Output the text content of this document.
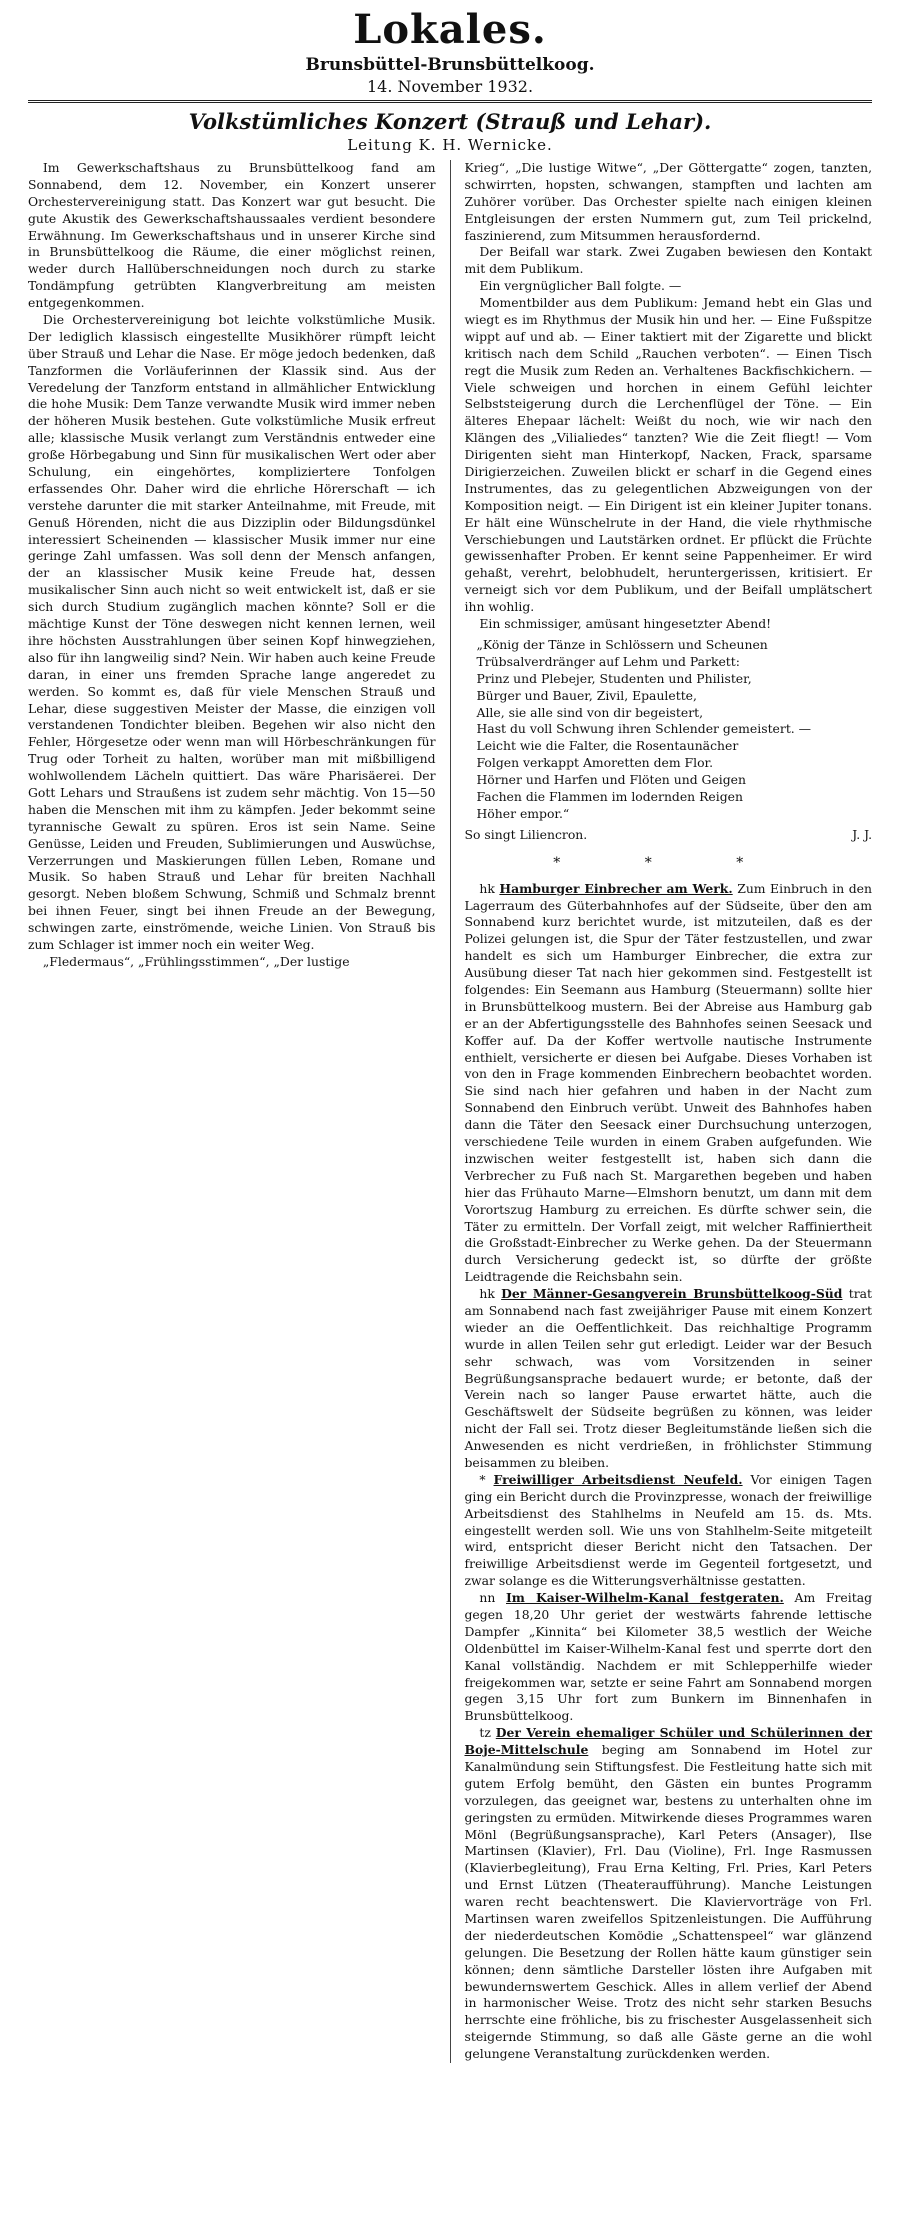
Lokales.
Brunsbüttel-Brunsbüttelkoog.
14. November 1932.
Volkstümliches Konzert (Strauß und Lehar).
Leitung K. H. Wernicke.

Im Gewerkschaftshaus zu Brunsbüttelkoog fand am Sonnabend, dem 12. November, ein Konzert unserer Orchestervereinigung statt. Das Konzert war gut besucht. Die gute Akustik des Gewerkschaftshaussaales verdient besondere Erwähnung. Im Gewerkschaftshaus und in unserer Kirche sind in Brunsbüttelkoog die Räume, die einer möglichst reinen, weder durch Hallüberschneidungen noch durch zu starke Tondämpfung getrübten Klangverbreitung am meisten entgegenkommen.

Die Orchestervereinigung bot leichte volkstümliche Musik. Der lediglich klassisch eingestellte Musikhörer rümpft leicht über Strauß und Lehar die Nase. Er möge jedoch bedenken, daß Tanzformen die Vorläuferinnen der Klassik sind. Aus der Veredelung der Tanzform entstand in allmählicher Entwicklung die hohe Musik: Dem Tanze verwandte Musik wird immer neben der höheren Musik bestehen. Gute volkstümliche Musik erfreut alle; klassische Musik verlangt zum Verständnis entweder eine große Hörbegabung und Sinn für musikalischen Wert oder aber Schulung, ein eingehörtes, kompliziertere Tonfolgen erfassendes Ohr. Daher wird die ehrliche Hörerschaft — ich verstehe darunter die mit starker Anteilnahme, mit Freude, mit Genuß Hörenden, nicht die aus Dizziplin oder Bildungsdünkel interessiert Scheinenden — klassischer Musik immer nur eine geringe Zahl umfassen. Was soll denn der Mensch anfangen, der an klassischer Musik keine Freude hat, dessen musikalischer Sinn auch nicht so weit entwickelt ist, daß er sie sich durch Studium zugänglich machen könnte? Soll er die mächtige Kunst der Töne deswegen nicht kennen lernen, weil ihre höchsten Ausstrahlungen über seinen Kopf hinwegziehen, also für ihn langweilig sind? Nein. Wir haben auch keine Freude daran, in einer uns fremden Sprache lange angeredet zu werden. So kommt es, daß für viele Menschen Strauß und Lehar, diese suggestiven Meister der Masse, die einzigen voll verstandenen Tondichter bleiben. Begehen wir also nicht den Fehler, Hörgesetze oder wenn man will Hörbeschränkungen für Trug oder Torheit zu halten, worüber man mit mißbilligend wohlwollendem Lächeln quittiert. Das wäre Pharisäerei. Der Gott Lehars und Straußens ist zudem sehr mächtig. Von 15—50 haben die Menschen mit ihm zu kämpfen. Jeder bekommt seine tyrannische Gewalt zu spüren. Eros ist sein Name. Seine Genüsse, Leiden und Freuden, Sublimierungen und Auswüchse, Verzerrungen und Maskierungen füllen Leben, Romane und Musik. So haben Strauß und Lehar für breiten Nachhall gesorgt. Neben bloßem Schwung, Schmiß und Schmalz brennt bei ihnen Feuer, singt bei ihnen Freude an der Bewegung, schwingen zarte, einströmende, weiche Linien. Von Strauß bis zum Schlager ist immer noch ein weiter Weg.

„Fledermaus“, „Frühlingsstimmen“, „Der lustige

Krieg“, „Die lustige Witwe“, „Der Göttergatte“ zogen, tanzten, schwirrten, hopsten, schwangen, stampften und lachten am Zuhörer vorüber. Das Orchester spielte nach einigen kleinen Entgleisungen der ersten Nummern gut, zum Teil prickelnd, faszinierend, zum Mitsummen herausfordernd.

Der Beifall war stark. Zwei Zugaben bewiesen den Kontakt mit dem Publikum.

Ein vergnüglicher Ball folgte. —

Momentbilder aus dem Publikum: Jemand hebt ein Glas und wiegt es im Rhythmus der Musik hin und her. — Eine Fußspitze wippt auf und ab. — Einer taktiert mit der Zigarette und blickt kritisch nach dem Schild „Rauchen verboten“. — Einen Tisch regt die Musik zum Reden an. Verhaltenes Backfischkichern. — Viele schweigen und horchen in einem Gefühl leichter Selbststeigerung durch die Lerchenflügel der Töne. — Ein älteres Ehepaar lächelt: Weißt du noch, wie wir nach den Klängen des „Vilialiedes“ tanzten? Wie die Zeit fliegt! — Vom Dirigenten sieht man Hinterkopf, Nacken, Frack, sparsame Dirigierzeichen. Zuweilen blickt er scharf in die Gegend eines Instrumentes, das zu gelegentlichen Abzweigungen von der Komposition neigt. — Ein Dirigent ist ein kleiner Jupiter tonans. Er hält eine Wünschelrute in der Hand, die viele rhythmische Verschiebungen und Lautstärken ordnet. Er pflückt die Früchte gewissenhafter Proben. Er kennt seine Pappenheimer. Er wird gehaßt, verehrt, belobhudelt, heruntergerissen, kritisiert. Er verneigt sich vor dem Publikum, und der Beifall umplätschert ihn wohlig.

Ein schmissiger, amüsant hingesetzter Abend!

„König der Tänze in Schlössern und Scheunen
Trübsalverdränger auf Lehm und Parkett:
Prinz und Plebejer, Studenten und Philister,
Bürger und Bauer, Zivil, Epaulette,
Alle, sie alle sind von dir begeistert,
Hast du voll Schwung ihren Schlender gemeistert. —
Leicht wie die Falter, die Rosentaunächer
Folgen verkappt Amoretten dem Flor.
Hörner und Harfen und Flöten und Geigen
Fachen die Flammen im lodernden Reigen
Höher empor.“
So singt Liliencron.	J. J.
* * *

hk Hamburger Einbrecher am Werk. Zum Einbruch in den Lagerraum des Güterbahnhofes auf der Südseite, über den am Sonnabend kurz berichtet wurde, ist mitzuteilen, daß es der Polizei gelungen ist, die Spur der Täter festzustellen, und zwar handelt es sich um Hamburger Einbrecher, die extra zur Ausübung dieser Tat nach hier gekommen sind. Festgestellt ist folgendes: Ein Seemann aus Hamburg (Steuermann) sollte hier in Brunsbüttelkoog mustern. Bei der Abreise aus Hamburg gab er an der Abfertigungsstelle des Bahnhofes seinen Seesack und Koffer auf. Da der Koffer wertvolle nautische Instrumente enthielt, versicherte er diesen bei Aufgabe. Dieses Vorhaben ist von den in Frage kommenden Einbrechern beobachtet worden. Sie sind nach hier gefahren und haben in der Nacht zum Sonnabend den Einbruch verübt. Unweit des Bahnhofes haben dann die Täter den Seesack einer Durchsuchung unterzogen, verschiedene Teile wurden in einem Graben aufgefunden. Wie inzwischen weiter festgestellt ist, haben sich dann die Verbrecher zu Fuß nach St. Margarethen begeben und haben hier das Frühauto Marne—Elmshorn benutzt, um dann mit dem Vorortszug Hamburg zu erreichen. Es dürfte schwer sein, die Täter zu ermitteln. Der Vorfall zeigt, mit welcher Raffiniertheit die Großstadt-Einbrecher zu Werke gehen. Da der Steuermann durch Versicherung gedeckt ist, so dürfte der größte Leidtragende die Reichsbahn sein.

hk Der Männer-Gesangverein Brunsbüttelkoog-Süd trat am Sonnabend nach fast zweijähriger Pause mit einem Konzert wieder an die Oeffentlichkeit. Das reichhaltige Programm wurde in allen Teilen sehr gut erledigt. Leider war der Besuch sehr schwach, was vom Vorsitzenden in seiner Begrüßungsansprache bedauert wurde; er betonte, daß der Verein nach so langer Pause erwartet hätte, auch die Geschäftswelt der Südseite begrüßen zu können, was leider nicht der Fall sei. Trotz dieser Begleitumstände ließen sich die Anwesenden es nicht verdrießen, in fröhlichster Stimmung beisammen zu bleiben.

* Freiwilliger Arbeitsdienst Neufeld. Vor einigen Tagen ging ein Bericht durch die Provinzpresse, wonach der freiwillige Arbeitsdienst des Stahlhelms in Neufeld am 15. ds. Mts. eingestellt werden soll. Wie uns von Stahlhelm-Seite mitgeteilt wird, entspricht dieser Bericht nicht den Tatsachen. Der freiwillige Arbeitsdienst werde im Gegenteil fortgesetzt, und zwar solange es die Witterungsverhältnisse gestatten.

nn Im Kaiser-Wilhelm-Kanal festgeraten. Am Freitag gegen 18,20 Uhr geriet der westwärts fahrende lettische Dampfer „Kinnita“ bei Kilometer 38,5 westlich der Weiche Oldenbüttel im Kaiser-Wilhelm-Kanal fest und sperrte dort den Kanal vollständig. Nachdem er mit Schlepperhilfe wieder freigekommen war, setzte er seine Fahrt am Sonnabend morgen gegen 3,15 Uhr fort zum Bunkern im Binnenhafen in Brunsbüttelkoog.

tz Der Verein ehemaliger Schüler und Schülerinnen der Boje-Mittelschule beging am Sonnabend im Hotel zur Kanalmündung sein Stiftungsfest. Die Festleitung hatte sich mit gutem Erfolg bemüht, den Gästen ein buntes Programm vorzulegen, das geeignet war, bestens zu unterhalten ohne im geringsten zu ermüden. Mitwirkende dieses Programmes waren Mönl (Begrüßungsansprache), Karl Peters (Ansager), Ilse Martinsen (Klavier), Frl. Dau (Violine), Frl. Inge Rasmussen (Klavierbegleitung), Frau Erna Kelting, Frl. Pries, Karl Peters und Ernst Lützen (Theateraufführung). Manche Leistungen waren recht beachtenswert. Die Klaviervorträge von Frl. Martinsen waren zweifellos Spitzenleistungen. Die Aufführung der niederdeutschen Komödie „Schattenspeel“ war glänzend gelungen. Die Besetzung der Rollen hätte kaum günstiger sein können; denn sämtliche Darsteller lösten ihre Aufgaben mit bewundernswertem Geschick. Alles in allem verlief der Abend in harmonischer Weise. Trotz des nicht sehr starken Besuchs herrschte eine fröhliche, bis zu frischester Ausgelassenheit sich steigernde Stimmung, so daß alle Gäste gerne an die wohl gelungene Veranstaltung zurückdenken werden.
